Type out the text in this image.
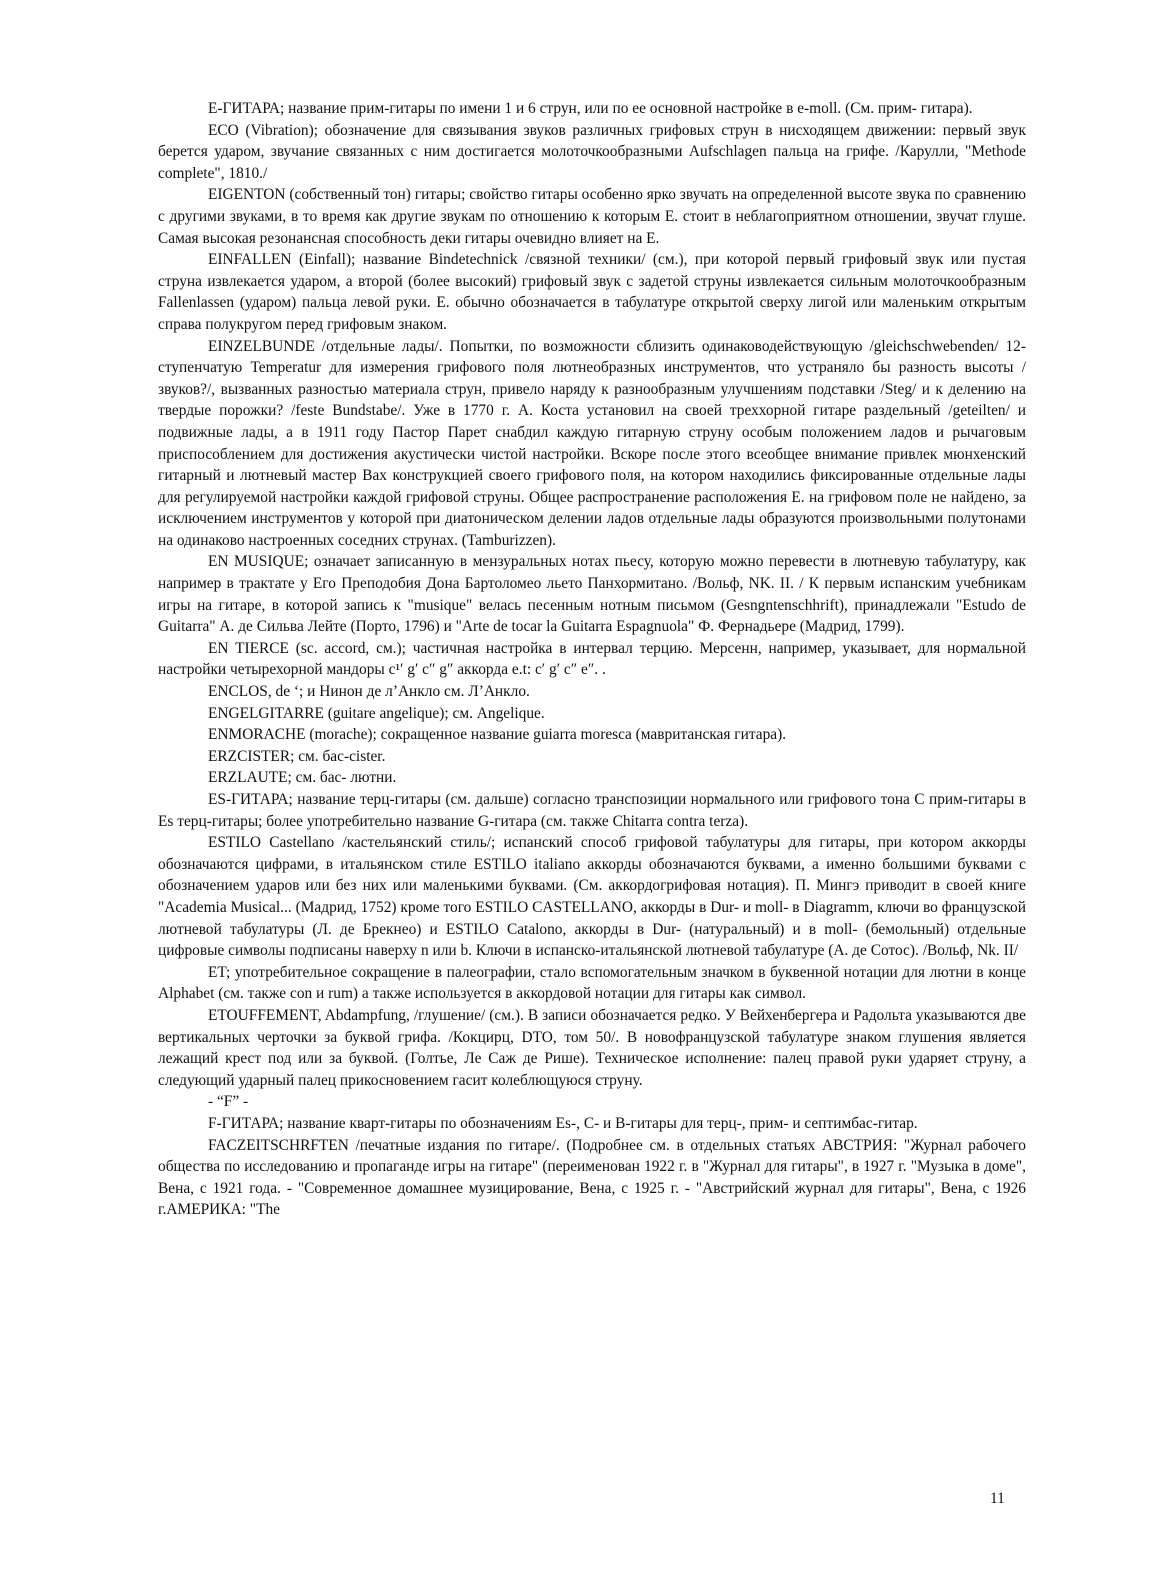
E-ГИТАРА; название прим-гитары по имени 1 и 6 струн, или по ее основной настройке в e-moll. (См. прим- гитара).

ECO (Vibration); обозначение для связывания звуков различных грифовых струн в нисходящем движении: первый звук берется ударом, звучание связанных с ним достигается молоточкообразными Aufschlagen пальца на грифе. /Карулли, "Methode complete", 1810./

EIGENTON (собственный тон) гитары; свойство гитары особенно ярко звучать на определенной высоте звука по сравнению с другими звуками, в то время как другие звукам по отношению к которым E. стоит в неблагоприятном отношении, звучат глуше. Самая высокая резонансная способность деки гитары очевидно влияет на E.

EINFALLEN (Einfall); название Bindetechnick /связной техники/ (см.), при которой первый грифовый звук или пустая струна извлекается ударом, а второй (более высокий) грифовый звук с задетой струны извлекается сильным молоточкообразным Fallenlassen (ударом) пальца левой руки. E. обычно обозначается в табулатуре открытой сверху лигой или маленьким открытым справа полукругом перед грифовым знаком.

EINZELBUNDE /отдельные лады/. Попытки, по возможности сблизить одинаководействующую /gleichschwebenden/ 12-ступенчатую Temperatur для измерения грифового поля лютнеобразных инструментов, что устраняло бы разность высоты /звуков?/, вызванных разностью материала струн, привело наряду к разнообразным улучшениям подставки /Steg/ и к делению на твердые порожки? /feste Bundstabe/. Уже в 1770 г. А. Коста установил на своей треххорной гитаре раздельный /geteilten/ и подвижные лады, а в 1911 году Пастор Парет снабдил каждую гитарную струну особым положением ладов и рычаговым приспособлением для достижения акустически чистой настройки. Вскоре после этого всеобщее внимание привлек мюнхенский гитарный и лютневый мастер Вах конструкцией своего грифового поля, на котором находились фиксированные отдельные лады для регулируемой настройки каждой грифовой струны. Общее распространение расположения E. на грифовом поле не найдено, за исключением инструментов у которой при диатоническом делении ладов отдельные лады образуются произвольными полутонами на одинаково настроенных соседних струнах. (Tamburizzen).

EN MUSIQUE; означает записанную в мензуральных нотах пьесу, которую можно перевести в лютневую табулатуру, как например в трактате у Его Преподобия Дона Бартоломео льето Панхормитано. /Вольф, NK. II. / К первым испанским учебникам игры на гитаре, в которой запись к "musique" велась песенным нотным письмом (Gesngntenschhrift), принадлежали "Estudo de Guitarra" А. де Сильва Лейте (Порто, 1796) и "Arte de tocar la Guitarra Espagnuola" Ф. Фернадьере (Мадрид, 1799).

EN TIERCE (sc. accord, см.); частичная настройка в интервал терцию. Мерсенн, например, указывает, для нормальной настройки четырехорной мандоры c¹′ g′ c″ g″ аккорда e.t: c′ g′ c″ e″. .

ENCLOS, de ‘; и Нинон де л’Анкло см. Л’Анкло.

ENGELGITARRE (guitare angelique); см. Angelique.

ENMORACHE (morache); сокращенное название guiarra moresca (мавританская гитара).

ERZCISTER; см. бас-cister.

ERZLAUTE; см. бас- лютни.

ES-ГИТАРА; название терц-гитары (см. дальше) согласно транспозиции нормального или грифового тона C прим-гитары в Es терц-гитары; более употребительно название G-гитара (см. также Chitarra contra terza).

ESTILO Castellano /кастельянский стиль/; испанский способ грифовой табулатуры для гитары, при котором аккорды обозначаются цифрами, в итальянском стиле ESTILO italiano аккорды обозначаются буквами, а именно большими буквами с обозначением ударов или без них или маленькими буквами. (См. аккордогрифовая нотация). П. Мингэ приводит в своей книге "Academia Musical... (Мадрид, 1752) кроме того ESTILO CASTELLANO, аккорды в Dur- и moll- в Diagramm, ключи во французской лютневой табулатуры (Л. де Брекнео) и ESTILO Catalono, аккорды в Dur- (натуральный) и в moll- (бемольный) отдельные цифровые символы подписаны наверху n или b. Ключи в испанско-итальянской лютневой табулатуре (А. де Сотос). /Вольф, Nk. II/

ET; употребительное сокращение в палеографии, стало вспомогательным значком в буквенной нотации для лютни в конце Alphabet (см. также con и rum) а также используется в аккордовой нотации для гитары как символ.

ETOUFFEMENT, Abdampfung, /глушение/ (см.). В записи обозначается редко. У Вейхенбергера и Радольта указываются две вертикальных черточки за буквой грифа. /Кокцирц, DTO, том 50/. В новофранцузской табулатуре знаком глушения является лежащий крест под или за буквой. (Голтье, Ле Саж де Рише). Техническое исполнение: палец правой руки ударяет струну, а следующий ударный палец прикосновением гасит колеблющуюся струну.

- “F” -

F-ГИТАРА; название кварт-гитары по обозначениям Es-, C- и B-гитары для терц-, прим- и септимбас-гитар.

FACZEITSCHRFTEN /печатные издания по гитаре/. (Подробнее см. в отдельных статьях АВСТРИЯ: "Журнал рабочего общества по исследованию и пропаганде игры на гитаре" (переименован 1922 г. в "Журнал для гитары", в 1927 г. "Музыка в доме", Вена, с 1921 года. - "Современное домашнее музицирование, Вена, с 1925 г. - "Австрийский журнал для гитары", Вена, с 1926 г.АМЕРИКА: "The

11
